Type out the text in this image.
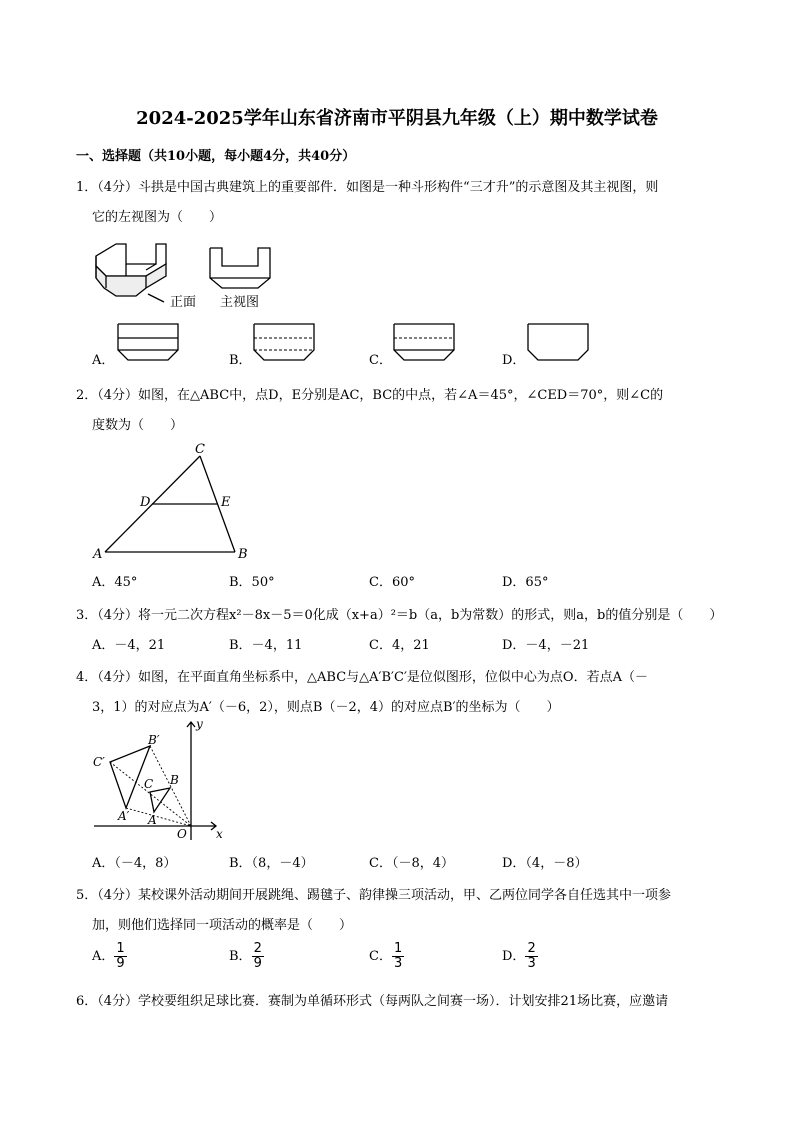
2024-2025学年山东省济南市平阴县九年级（上）期中数学试卷
一、选择题（共10小题，每小题4分，共40分）
1．（4分）斗拱是中国古典建筑上的重要部件．如图是一种斗形构件“三才升”的示意图及其主视图，则
它的左视图为（　　）
正面 主视图
A．	B．	C．	D．
2．（4分）如图，在△ABC中，点D，E分别是AC，BC的中点，若∠A＝45°，∠CED＝70°，则∠C的
度数为（　　）
C
D	E
A	B
A．45°	B．50°	C．60°	D．65°
3．（4分）将一元二次方程x²－8x－5＝0化成（x+a）²＝b（a，b为常数）的形式，则a，b的值分别是（　　）
A．－4，21	B．－4，11	C．4，21	D．－4，－21
4．（4分）如图，在平面直角坐标系中，△ABC与△A′B′C′是位似图形，位似中心为点O．若点A（－
3，1）的对应点为A′（－6，2），则点B（－2，4）的对应点B′的坐标为（　　）
y
x
O
B′
C′
A′
B
C
A
A．（－4，8）	B．（8，－4）	C．（－8，4）	D．（4，－8）
5．（4分）某校课外活动期间开展跳绳、踢毽子、韵律操三项活动，甲、乙两位同学各自任选其中一项参
加，则他们选择同一项活动的概率是（　　）
A． $\frac{1}{9}$	B． $\frac{2}{9}$	C． $\frac{1}{3}$	D． $\frac{2}{3}$
6．（4分）学校要组织足球比赛．赛制为单循环形式（每两队之间赛一场）．计划安排21场比赛，应邀请
